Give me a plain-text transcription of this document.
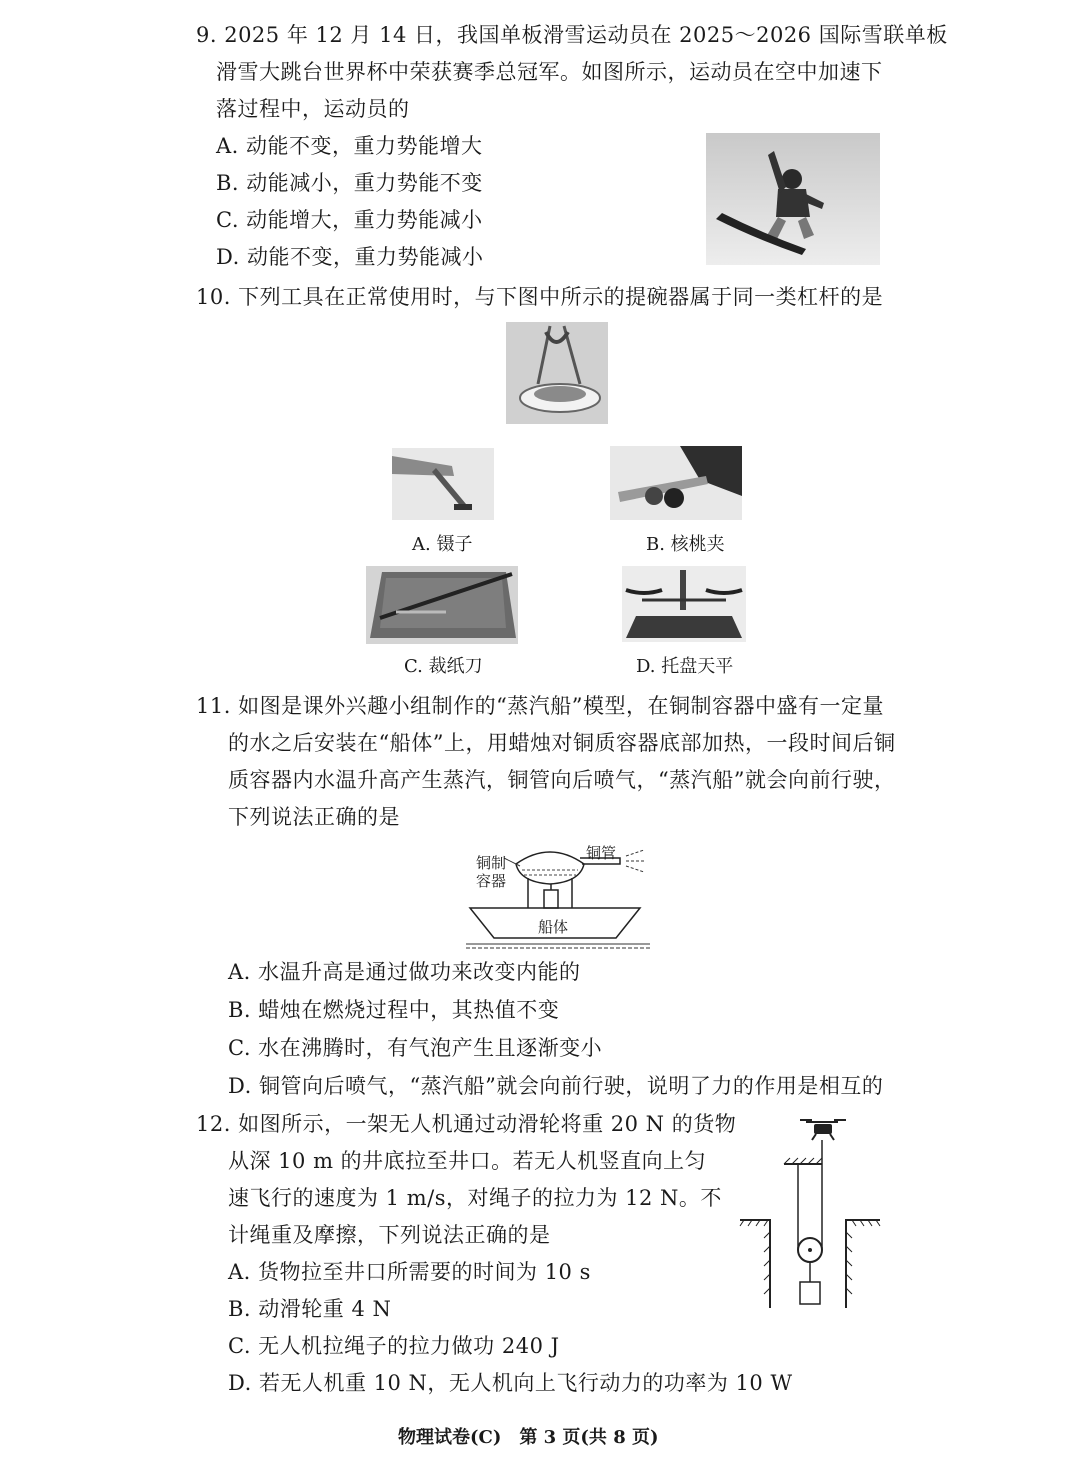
9. 2025 年 12 月 14 日，我国单板滑雪运动员在 2025～2026 国际雪联单板
滑雪大跳台世界杯中荣获赛季总冠军。如图所示，运动员在空中加速下
落过程中，运动员的
A. 动能不变，重力势能增大
B. 动能减小，重力势能不变
C. 动能增大，重力势能减小
D. 动能不变，重力势能减小
10. 下列工具在正常使用时，与下图中所示的提碗器属于同一类杠杆的是
A. 镊子	B. 核桃夹
C. 裁纸刀	D. 托盘天平
11. 如图是课外兴趣小组制作的“蒸汽船”模型，在铜制容器中盛有一定量
的水之后安装在“船体”上，用蜡烛对铜质容器底部加热，一段时间后铜
质容器内水温升高产生蒸汽，铜管向后喷气，“蒸汽船”就会向前行驶，
下列说法正确的是
铜制
容器
铜管
船体
A. 水温升高是通过做功来改变内能的
B. 蜡烛在燃烧过程中，其热值不变
C. 水在沸腾时，有气泡产生且逐渐变小
D. 铜管向后喷气，“蒸汽船”就会向前行驶，说明了力的作用是相互的
12. 如图所示，一架无人机通过动滑轮将重 20 N 的货物
从深 10 m 的井底拉至井口。若无人机竖直向上匀
速飞行的速度为 1 m/s，对绳子的拉力为 12 N。不
计绳重及摩擦，下列说法正确的是
A. 货物拉至井口所需要的时间为 10 s
B. 动滑轮重 4 N
C. 无人机拉绳子的拉力做功 240 J
D. 若无人机重 10 N，无人机向上飞行动力的功率为 10 W
物理试卷(C)　第 3 页(共 8 页)
